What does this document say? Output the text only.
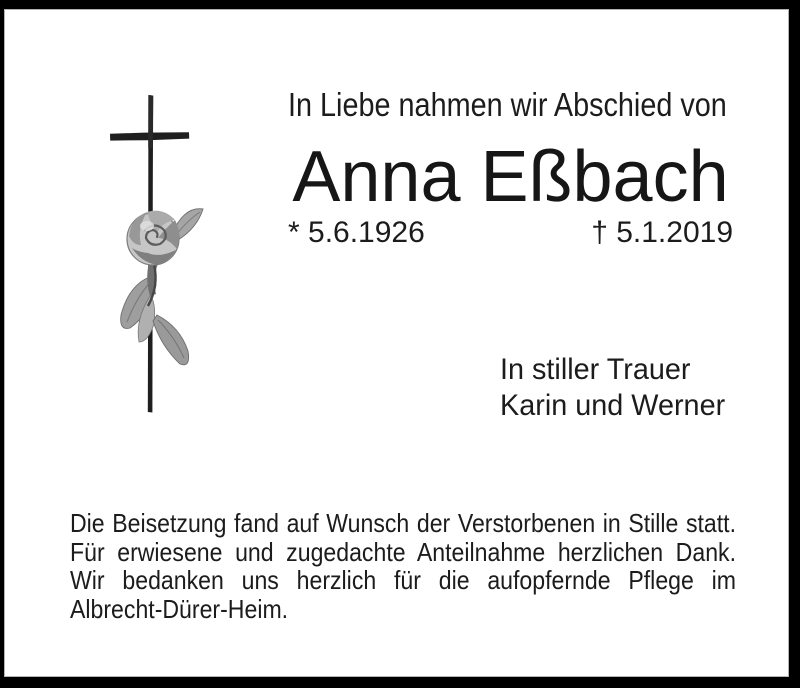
In Liebe nahmen wir Abschied von
Anna Eßbach
* 5.6.1926	† 5.1.2019
In stiller Trauer
Karin und Werner
Die Beisetzung fand auf Wunsch der Verstorbenen in Stille statt.
Für erwiesene und zugedachte Anteilnahme herzlichen Dank.
Wir bedanken uns herzlich für die aufopfernde Pflege im
Albrecht-Dürer-Heim.
